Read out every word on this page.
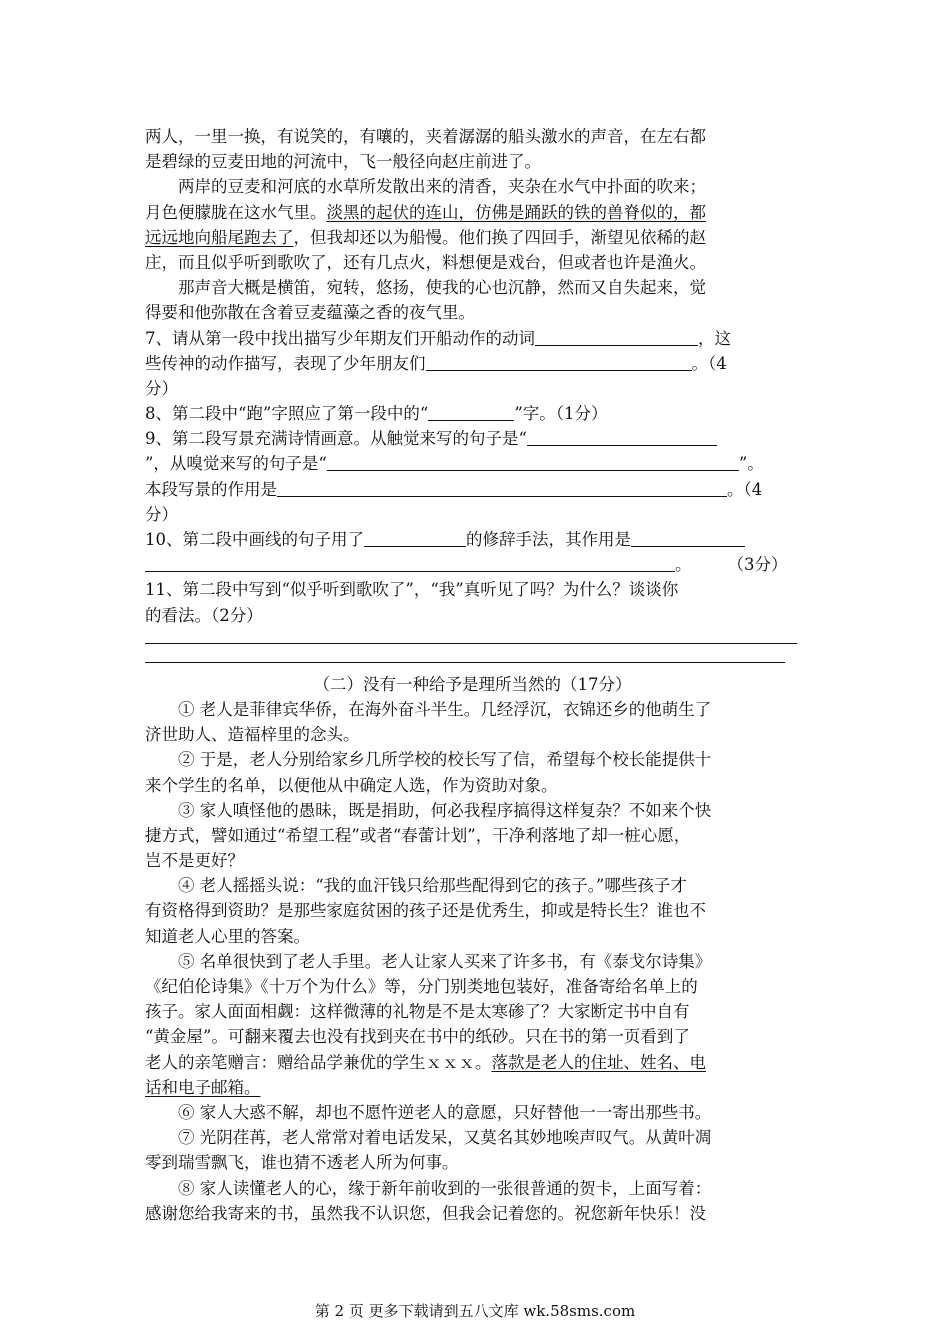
两人，一里一换，有说笑的，有嚷的，夹着潺潺的船头激水的声音，在左右都
是碧绿的豆麦田地的河流中，飞一般径向赵庄前进了。
两岸的豆麦和河底的水草所发散出来的清香，夹杂在水气中扑面的吹来；
月色便朦胧在这水气里。淡黑的起伏的连山，仿佛是踊跃的铁的兽脊似的，都
远远地向船尾跑去了，但我却还以为船慢。他们换了四回手，渐望见依稀的赵
庄，而且似乎听到歌吹了，还有几点火，料想便是戏台，但或者也许是渔火。
那声音大概是横笛，宛转，悠扬，使我的心也沉静，然而又自失起来，觉
得要和他弥散在含着豆麦蕴藻之香的夜气里。
7、请从第一段中找出描写少年期友们开船动作的动词	，这
些传神的动作描写，表现了少年朋友们	。（4
分）
8、第二段中“跑”字照应了第一段中的“	”字。（1分）
9、第二段写景充满诗情画意。从触觉来写的句子是“
”，从嗅觉来写的句子是“	”。
本段写景的作用是	。（4
分）
10、第二段中画线的句子用了	的修辞手法，其作用是
。 （3分）
11、第二段中写到“似乎听到歌吹了”，“我”真听见了吗？为什么？谈谈你
的看法。（2分）
（二）没有一种给予是理所当然的（17分）
① 老人是菲律宾华侨，在海外奋斗半生。几经浮沉，衣锦还乡的他萌生了
济世助人、造福梓里的念头。
② 于是，老人分别给家乡几所学校的校长写了信，希望每个校长能提供十
来个学生的名单，以便他从中确定人选，作为资助对象。
③ 家人嗔怪他的愚昧，既是捐助，何必我程序搞得这样复杂？不如来个快
捷方式，譬如通过“希望工程”或者“春蕾计划”，干净利落地了却一桩心愿，
岂不是更好？
④ 老人摇摇头说：“我的血汗钱只给那些配得到它的孩子。”哪些孩子才
有资格得到资助？是那些家庭贫困的孩子还是优秀生，抑或是特长生？谁也不
知道老人心里的答案。
⑤ 名单很快到了老人手里。老人让家人买来了许多书，有《泰戈尔诗集》
《纪伯伦诗集》《十万个为什么》等，分门别类地包装好，准备寄给名单上的
孩子。家人面面相觑：这样微薄的礼物是不是太寒碜了？大家断定书中自有
“黄金屋”。可翻来覆去也没有找到夹在书中的纸砂。只在书的第一页看到了
老人的亲笔赠言：赠给品学兼优的学生ｘｘｘ。落款是老人的住址、姓名、电
话和电子邮箱。
⑥ 家人大惑不解，却也不愿忤逆老人的意愿，只好替他一一寄出那些书。
⑦ 光阴荏苒，老人常常对着电话发呆，又莫名其妙地唉声叹气。从黄叶凋
零到瑞雪飘飞，谁也猜不透老人所为何事。
⑧ 家人读懂老人的心，缘于新年前收到的一张很普通的贺卡，上面写着：
感谢您给我寄来的书，虽然我不认识您，但我会记着您的。祝您新年快乐！没
第 2 页 更多下载请到五八文库 wk.58sms.com
